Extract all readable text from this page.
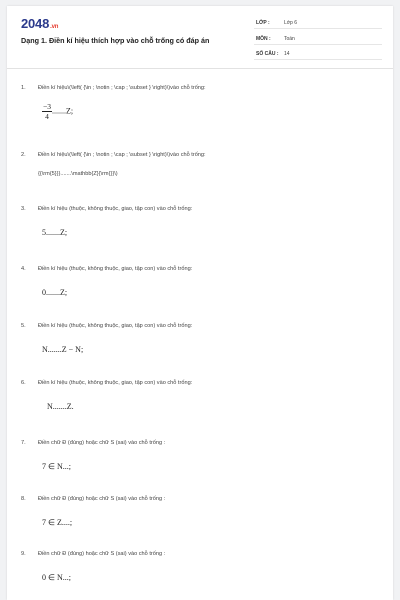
2048.vn
Dạng 1. Điền kí hiệu thích hợp vào chỗ trống có đáp án
LỚP :	Lớp 6
MÔN :	Toán
SỐ CÂU : 14
1. Điền kí hiệu\(\left( {\in ; \notin ; \cap ; \subset } \right)\)vào chỗ trống:
$\frac{-3}{4} .......Z$;
2. Điền kí hiệu\(\left( {\in ; \notin ; \cap ; \subset } \right)\)vào chỗ trống:
{{\rm{5}}}.......\mathbb{Z}{\rm{}}\)
3. Điền kí hiệu (thuộc, không thuộc, giao, tập con) vào chỗ trống:
5.......Z;
4. Điền kí hiệu (thuộc, không thuộc, giao, tập con) vào chỗ trống:
0.......Z;
5. Điền kí hiệu (thuộc, không thuộc, giao, tập con) vào chỗ trống:
N.......Z − N;
6. Điền kí hiệu (thuộc, không thuộc, giao, tập con) vào chỗ trống:
N.......Z.
7. Điền chữ Đ (đúng) hoặc chữ S (sai) vào chỗ trống :
7 ∈ N...;
8. Điền chữ Đ (đúng) hoặc chữ S (sai) vào chỗ trống :
7 ∈ Z....;
9. Điền chữ Đ (đúng) hoặc chữ S (sai) vào chỗ trống :
0 ∈ N...;
